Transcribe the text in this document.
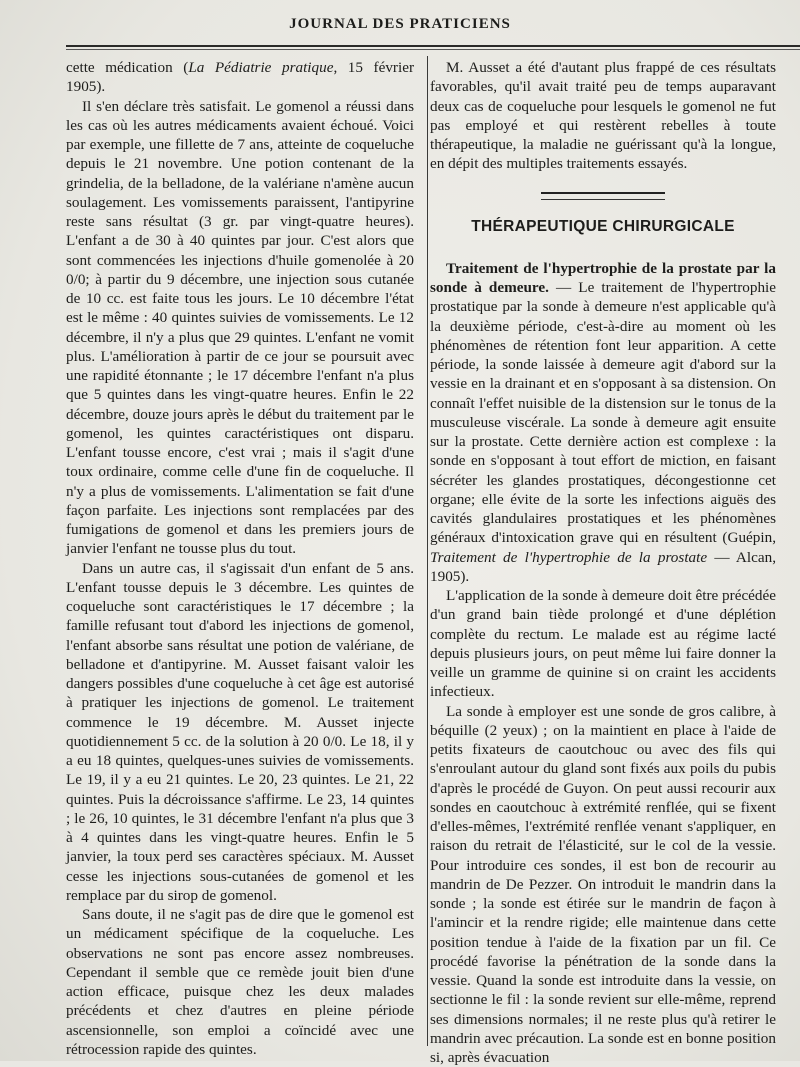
JOURNAL DES PRATICIENS

cette médication (La Pédiatrie pratique, 15 février 1905).

Il s'en déclare très satisfait. Le gomenol a réussi dans les cas où les autres médicaments avaient échoué. Voici par exemple, une fillette de 7 ans, atteinte de coqueluche depuis le 21 novembre. Une potion contenant de la grindelia, de la belladone, de la valériane n'amène aucun soulagement. Les vomissements paraissent, l'antipyrine reste sans résultat (3 gr. par vingt-quatre heures). L'enfant a de 30 à 40 quintes par jour. C'est alors que sont commencées les injections d'huile gomenolée à 20 0/0; à partir du 9 décembre, une injection sous cutanée de 10 cc. est faite tous les jours. Le 10 décembre l'état est le même : 40 quintes suivies de vomissements. Le 12 décembre, il n'y a plus que 29 quintes. L'enfant ne vomit plus. L'amélioration à partir de ce jour se poursuit avec une rapidité étonnante ; le 17 décembre l'enfant n'a plus que 5 quintes dans les vingt-quatre heures. Enfin le 22 décembre, douze jours après le début du traitement par le gomenol, les quintes caractéristiques ont disparu. L'enfant tousse encore, c'est vrai ; mais il s'agit d'une toux ordinaire, comme celle d'une fin de coqueluche. Il n'y a plus de vomissements. L'alimentation se fait d'une façon parfaite. Les injections sont remplacées par des fumigations de gomenol et dans les premiers jours de janvier l'enfant ne tousse plus du tout.

Dans un autre cas, il s'agissait d'un enfant de 5 ans. L'enfant tousse depuis le 3 décembre. Les quintes de coqueluche sont caractéristiques le 17 décembre ; la famille refusant tout d'abord les injections de gomenol, l'enfant absorbe sans résultat une potion de valériane, de belladone et d'antipyrine. M. Ausset faisant valoir les dangers possibles d'une coqueluche à cet âge est autorisé à pratiquer les injections de gomenol. Le traitement commence le 19 décembre. M. Ausset injecte quotidiennement 5 cc. de la solution à 20 0/0. Le 18, il y a eu 18 quintes, quelques-unes suivies de vomissements. Le 19, il y a eu 21 quintes. Le 20, 23 quintes. Le 21, 22 quintes. Puis la décroissance s'affirme. Le 23, 14 quintes ; le 26, 10 quintes, le 31 décembre l'enfant n'a plus que 3 à 4 quintes dans les vingt-quatre heures. Enfin le 5 janvier, la toux perd ses caractères spéciaux. M. Ausset cesse les injections sous-cutanées de gomenol et les remplace par du sirop de gomenol.

Sans doute, il ne s'agit pas de dire que le gomenol est un médicament spécifique de la coqueluche. Les observations ne sont pas encore assez nombreuses. Cependant il semble que ce remède jouit bien d'une action efficace, puisque chez les deux malades précédents et chez d'autres en pleine période ascensionnelle, son emploi a coïncidé avec une rétrocession rapide des quintes.

M. Ausset a été d'autant plus frappé de ces résultats favorables, qu'il avait traité peu de temps auparavant deux cas de coqueluche pour lesquels le gomenol ne fut pas employé et qui restèrent rebelles à toute thérapeutique, la maladie ne guérissant qu'à la longue, en dépit des multiples traitements essayés.

THÉRAPEUTIQUE CHIRURGICALE

Traitement de l'hypertrophie de la prostate par la sonde à demeure. — Le traitement de l'hypertrophie prostatique par la sonde à demeure n'est applicable qu'à la deuxième période, c'est-à-dire au moment où les phénomènes de rétention font leur apparition. A cette période, la sonde laissée à demeure agit d'abord sur la vessie en la drainant et en s'opposant à sa distension. On connaît l'effet nuisible de la distension sur le tonus de la musculeuse viscérale. La sonde à demeure agit ensuite sur la prostate. Cette dernière action est complexe : la sonde en s'opposant à tout effort de miction, en faisant sécréter les glandes prostatiques, décongestionne cet organe; elle évite de la sorte les infections aiguës des cavités glandulaires prostatiques et les phénomènes généraux d'intoxication grave qui en résultent (Guépin, Traitement de l'hypertrophie de la prostate — Alcan, 1905).

L'application de la sonde à demeure doit être précédée d'un grand bain tiède prolongé et d'une déplétion complète du rectum. Le malade est au régime lacté depuis plusieurs jours, on peut même lui faire donner la veille un gramme de quinine si on craint les accidents infectieux.

La sonde à employer est une sonde de gros calibre, à béquille (2 yeux) ; on la maintient en place à l'aide de petits fixateurs de caoutchouc ou avec des fils qui s'enroulant autour du gland sont fixés aux poils du pubis d'après le procédé de Guyon. On peut aussi recourir aux sondes en caoutchouc à extrémité renflée, qui se fixent d'elles-mêmes, l'extrémité renflée venant s'appliquer, en raison du retrait de l'élasticité, sur le col de la vessie. Pour introduire ces sondes, il est bon de recourir au mandrin de De Pezzer. On introduit le mandrin dans la sonde ; la sonde est étirée sur le mandrin de façon à l'amincir et la rendre rigide; elle maintenue dans cette position tendue à l'aide de la fixation par un fil. Ce procédé favorise la pénétration de la sonde dans la vessie. Quand la sonde est introduite dans la vessie, on sectionne le fil : la sonde revient sur elle-même, reprend ses dimensions normales; il ne reste plus qu'à retirer le mandrin avec précaution. La sonde est en bonne position si, après évacuation
